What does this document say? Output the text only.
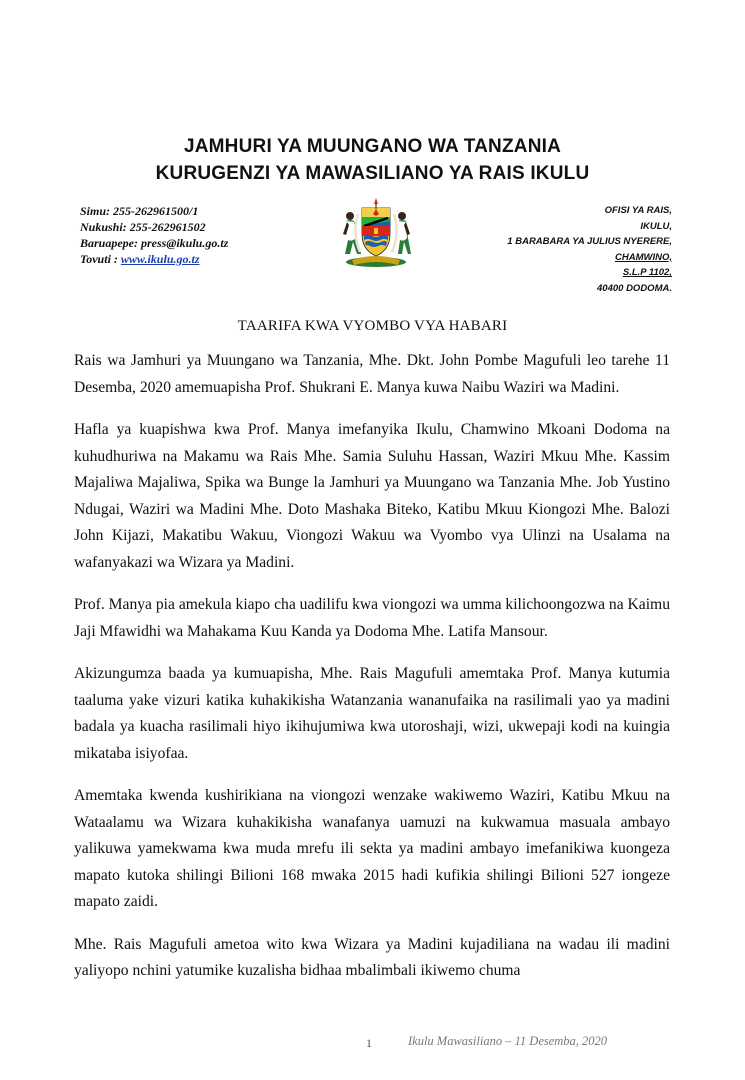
JAMHURI YA MUUNGANO WA TANZANIA
KURUGENZI YA MAWASILIANO YA RAIS IKULU
Simu: 255-262961500/1
Nukushi: 255-262961502
Baruapepe: press@ikulu.go.tz
Tovuti : www.ikulu.go.tz
OFISI YA RAIS,
IKULU,
1 BARABARA YA JULIUS NYERERE,
CHAMWINO,
S.L.P 1102,
40400 DODOMA.
TAARIFA KWA VYOMBO VYA HABARI

Rais wa Jamhuri ya Muungano wa Tanzania, Mhe. Dkt. John Pombe Magufuli leo tarehe 11 Desemba, 2020 amemuapisha Prof. Shukrani E. Manya kuwa Naibu Waziri wa Madini.

Hafla ya kuapishwa kwa Prof. Manya imefanyika Ikulu, Chamwino Mkoani Dodoma na kuhudhuriwa na Makamu wa Rais Mhe. Samia Suluhu Hassan, Waziri Mkuu Mhe. Kassim Majaliwa Majaliwa, Spika wa Bunge la Jamhuri ya Muungano wa Tanzania Mhe. Job Yustino Ndugai, Waziri wa Madini Mhe. Doto Mashaka Biteko, Katibu Mkuu Kiongozi Mhe. Balozi John Kijazi, Makatibu Wakuu, Viongozi Wakuu wa Vyombo vya Ulinzi na Usalama na wafanyakazi wa Wizara ya Madini.

Prof. Manya pia amekula kiapo cha uadilifu kwa viongozi wa umma kilichoongozwa na Kaimu Jaji Mfawidhi wa Mahakama Kuu Kanda ya Dodoma Mhe. Latifa Mansour.

Akizungumza baada ya kumuapisha, Mhe. Rais Magufuli amemtaka Prof. Manya kutumia taaluma yake vizuri katika kuhakikisha Watanzania wananufaika na rasilimali yao ya madini badala ya kuacha rasilimali hiyo ikihujumiwa kwa utoroshaji, wizi, ukwepaji kodi na kuingia mikataba isiyofaa.

Amemtaka kwenda kushirikiana na viongozi wenzake wakiwemo Waziri, Katibu Mkuu na Wataalamu wa Wizara kuhakikisha wanafanya uamuzi na kukwamua masuala ambayo yalikuwa yamekwama kwa muda mrefu ili sekta ya madini ambayo imefanikiwa kuongeza mapato kutoka shilingi Bilioni 168 mwaka 2015 hadi kufikia shilingi Bilioni 527 iongeze mapato zaidi.

Mhe. Rais Magufuli ametoa wito kwa Wizara ya Madini kujadiliana na wadau ili madini yaliyopo nchini yatumike kuzalisha bidhaa mbalimbali ikiwemo chuma

1	Ikulu Mawasiliano – 11 Desemba, 2020
